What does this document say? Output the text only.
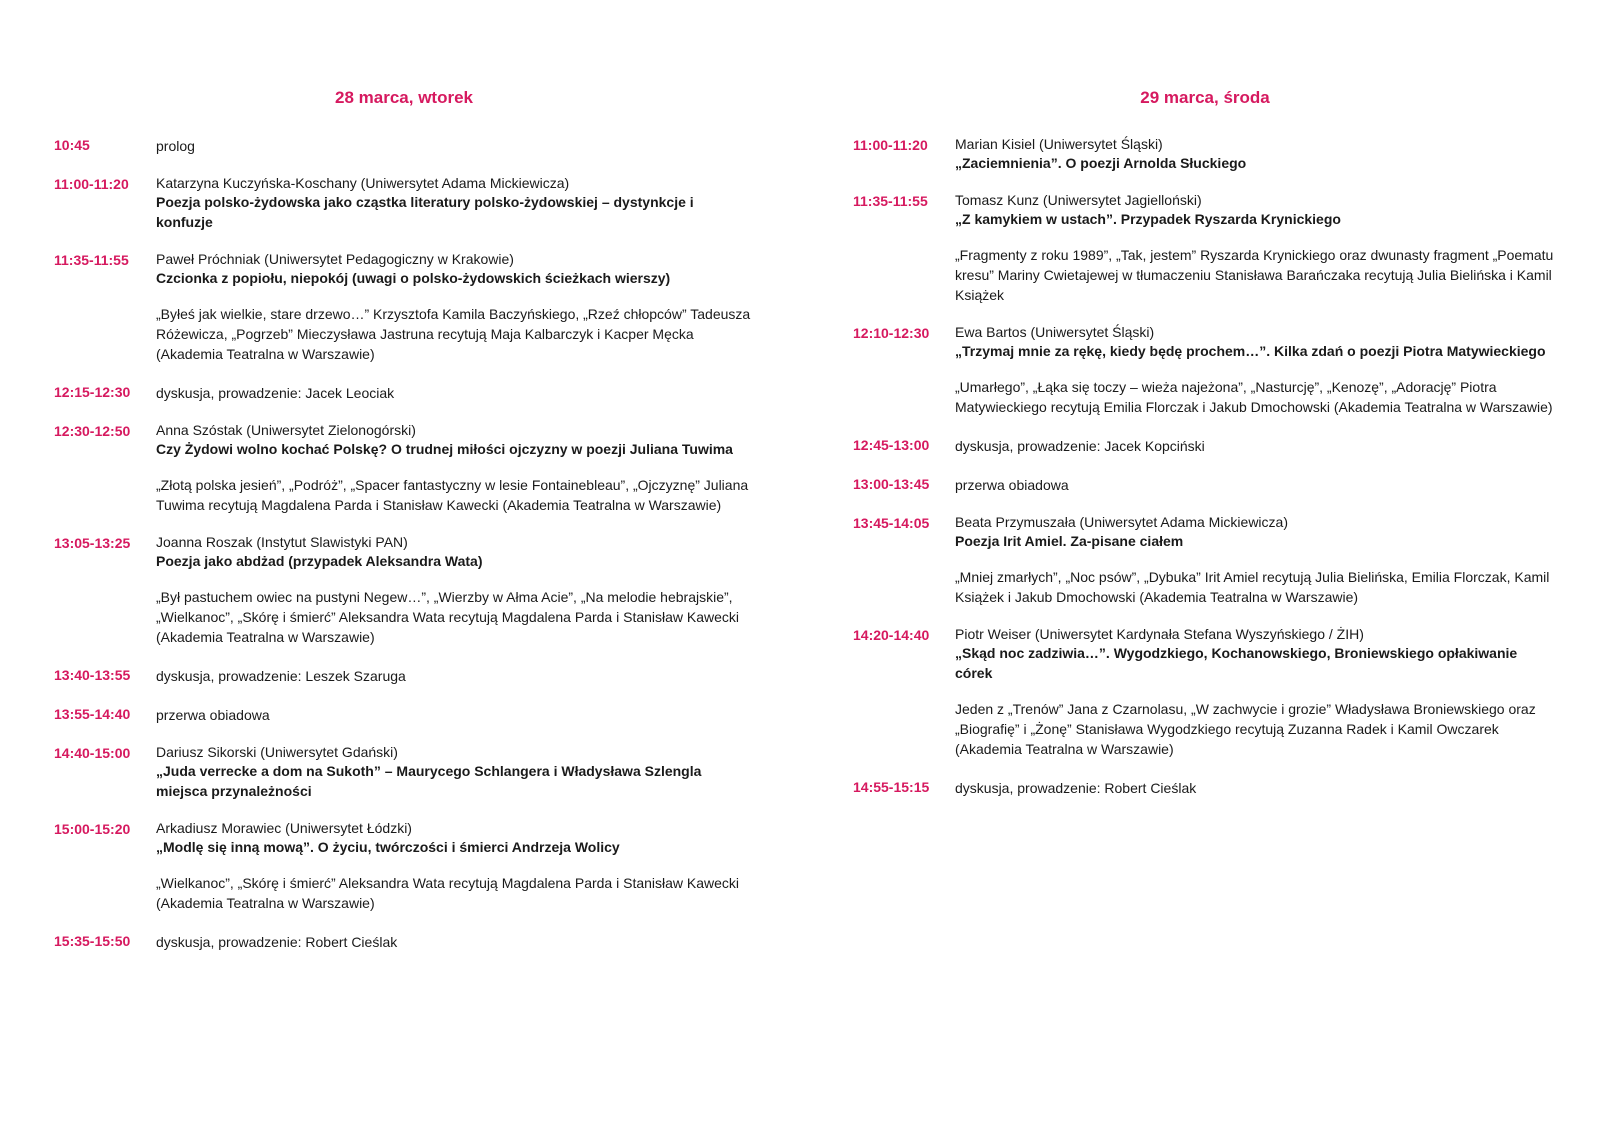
28 marca, wtorek
10:45	prolog
11:00-11:20	Katarzyna Kuczyńska-Koschany (Uniwersytet Adama Mickiewicza)
Poezja polsko-żydowska jako cząstka literatury polsko-żydowskiej – dystynkcje i konfuzje
11:35-11:55	Paweł Próchniak (Uniwersytet Pedagogiczny w Krakowie)
Czcionka z popiołu, niepokój (uwagi o polsko-żydowskich ścieżkach wierszy)
„Byłeś jak wielkie, stare drzewo…” Krzysztofa Kamila Baczyńskiego, „Rzeź chłopców” Tadeusza Różewicza, „Pogrzeb” Mieczysława Jastruna recytują Maja Kalbarczyk i Kacper Męcka (Akademia Teatralna w Warszawie)
12:15-12:30	dyskusja, prowadzenie: Jacek Leociak
12:30-12:50	Anna Szóstak (Uniwersytet Zielonogórski)
Czy Żydowi wolno kochać Polskę? O trudnej miłości ojczyzny w poezji Juliana Tuwima
„Złotą polska jesień”, „Podróż”, „Spacer fantastyczny w lesie Fontainebleau”, „Ojczyznę” Juliana Tuwima recytują Magdalena Parda i Stanisław Kawecki (Akademia Teatralna w Warszawie)
13:05-13:25	Joanna Roszak (Instytut Slawistyki PAN)
Poezja jako abdżad (przypadek Aleksandra Wata)
„Był pastuchem owiec na pustyni Negew…”, „Wierzby w Ałma Acie”, „Na melodie hebrajskie”, „Wielkanoc”, „Skórę i śmierć” Aleksandra Wata recytują Magdalena Parda i Stanisław Kawecki (Akademia Teatralna w Warszawie)
13:40-13:55	dyskusja, prowadzenie: Leszek Szaruga
13:55-14:40	przerwa obiadowa
14:40-15:00	Dariusz Sikorski (Uniwersytet Gdański)
„Juda verrecke a dom na Sukoth” – Maurycego Schlangera i Władysława Szlengla miejsca przynależności
15:00-15:20	Arkadiusz Morawiec (Uniwersytet Łódzki)
„Modlę się inną mową”. O życiu, twórczości i śmierci Andrzeja Wolicy
„Wielkanoc”, „Skórę i śmierć” Aleksandra Wata recytują Magdalena Parda i Stanisław Kawecki (Akademia Teatralna w Warszawie)
15:35-15:50	dyskusja, prowadzenie: Robert Cieślak
29 marca, środa
11:00-11:20	Marian Kisiel (Uniwersytet Śląski)
„Zaciemnienia”. O poezji Arnolda Słuckiego
11:35-11:55	Tomasz Kunz (Uniwersytet Jagielloński)
„Z kamykiem w ustach”. Przypadek Ryszarda Krynickiego
„Fragmenty z roku 1989”, „Tak, jestem” Ryszarda Krynickiego oraz dwunasty fragment „Poematu kresu” Mariny Cwietajewej w tłumaczeniu Stanisława Barańczaka recytują Julia Bielińska i Kamil Książek
12:10-12:30	Ewa Bartos (Uniwersytet Śląski)
„Trzymaj mnie za rękę, kiedy będę prochem…”. Kilka zdań o poezji Piotra Matywieckiego
„Umarłego”, „Łąka się toczy – wieża najeżona”, „Nasturcję”, „Kenozę”, „Adorację” Piotra Matywieckiego recytują Emilia Florczak i Jakub Dmochowski (Akademia Teatralna w Warszawie)
12:45-13:00	dyskusja, prowadzenie: Jacek Kopciński
13:00-13:45	przerwa obiadowa
13:45-14:05	Beata Przymuszała (Uniwersytet Adama Mickiewicza)
Poezja Irit Amiel. Za-pisane ciałem
„Mniej zmarłych”, „Noc psów”, „Dybuka” Irit Amiel recytują Julia Bielińska, Emilia Florczak, Kamil Książek i Jakub Dmochowski (Akademia Teatralna w Warszawie)
14:20-14:40	Piotr Weiser (Uniwersytet Kardynała Stefana Wyszyńskiego / ŻIH)
„Skąd noc zadziwia…”. Wygodzkiego, Kochanowskiego, Broniewskiego opłakiwanie córek
Jeden z „Trenów” Jana z Czarnolasu, „W zachwycie i grozie” Władysława Broniewskiego oraz „Biografię” i „Żonę” Stanisława Wygodzkiego recytują Zuzanna Radek i Kamil Owczarek (Akademia Teatralna w Warszawie)
14:55-15:15	dyskusja, prowadzenie: Robert Cieślak
